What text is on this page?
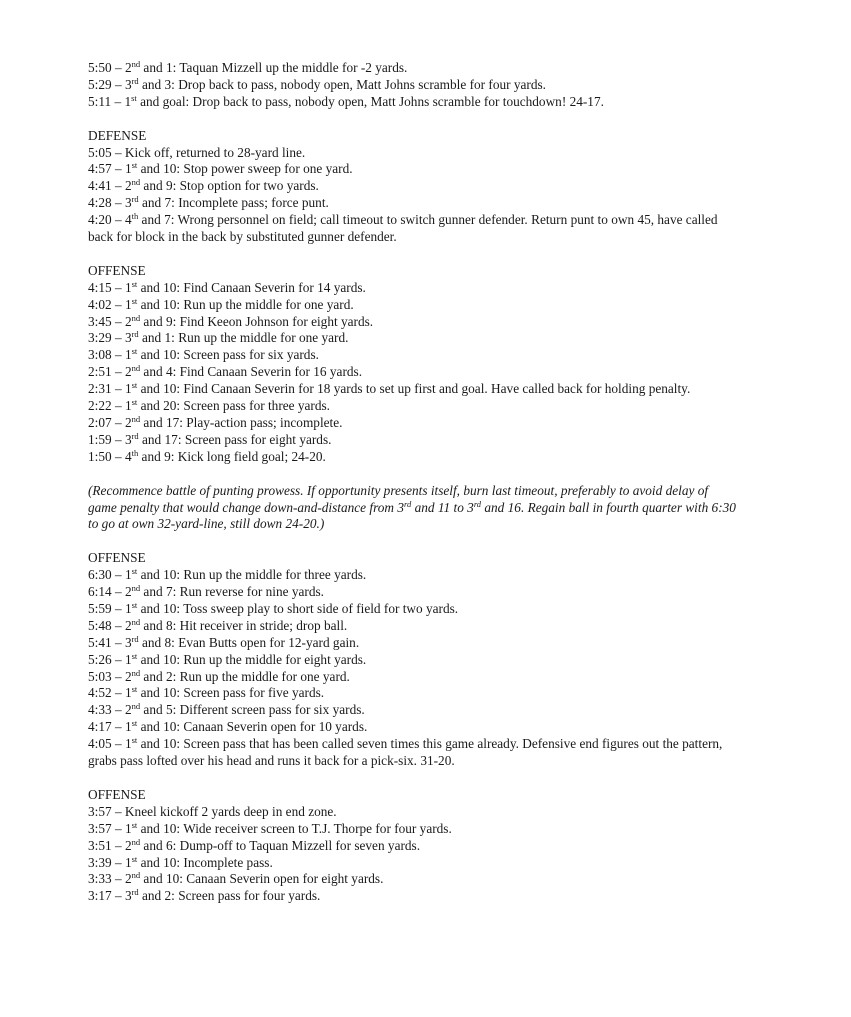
5:50 – 2nd and 1: Taquan Mizzell up the middle for -2 yards.
5:29 – 3rd and 3: Drop back to pass, nobody open, Matt Johns scramble for four yards.
5:11 – 1st and goal: Drop back to pass, nobody open, Matt Johns scramble for touchdown! 24-17.
DEFENSE
5:05 – Kick off, returned to 28-yard line.
4:57 – 1st and 10: Stop power sweep for one yard.
4:41 – 2nd and 9: Stop option for two yards.
4:28 – 3rd and 7: Incomplete pass; force punt.
4:20 – 4th and 7: Wrong personnel on field; call timeout to switch gunner defender. Return punt to own 45, have called back for block in the back by substituted gunner defender.
OFFENSE
4:15 – 1st and 10: Find Canaan Severin for 14 yards.
4:02 – 1st and 10: Run up the middle for one yard.
3:45 – 2nd and 9: Find Keeon Johnson for eight yards.
3:29 – 3rd and 1: Run up the middle for one yard.
3:08 – 1st and 10: Screen pass for six yards.
2:51 – 2nd and 4: Find Canaan Severin for 16 yards.
2:31 – 1st and 10: Find Canaan Severin for 18 yards to set up first and goal. Have called back for holding penalty.
2:22 – 1st and 20: Screen pass for three yards.
2:07 – 2nd and 17: Play-action pass; incomplete.
1:59 – 3rd and 17: Screen pass for eight yards.
1:50 – 4th and 9: Kick long field goal; 24-20.
(Recommence battle of punting prowess. If opportunity presents itself, burn last timeout, preferably to avoid delay of game penalty that would change down-and-distance from 3rd and 11 to 3rd and 16. Regain ball in fourth quarter with 6:30 to go at own 32-yard-line, still down 24-20.)
OFFENSE
6:30 – 1st and 10: Run up the middle for three yards.
6:14 – 2nd and 7: Run reverse for nine yards.
5:59 – 1st and 10: Toss sweep play to short side of field for two yards.
5:48 – 2nd and 8: Hit receiver in stride; drop ball.
5:41 – 3rd and 8: Evan Butts open for 12-yard gain.
5:26 – 1st and 10: Run up the middle for eight yards.
5:03 – 2nd and 2: Run up the middle for one yard.
4:52 – 1st and 10: Screen pass for five yards.
4:33 – 2nd and 5: Different screen pass for six yards.
4:17 – 1st and 10: Canaan Severin open for 10 yards.
4:05 – 1st and 10: Screen pass that has been called seven times this game already. Defensive end figures out the pattern, grabs pass lofted over his head and runs it back for a pick-six. 31-20.
OFFENSE
3:57 – Kneel kickoff 2 yards deep in end zone.
3:57 – 1st and 10: Wide receiver screen to T.J. Thorpe for four yards.
3:51 – 2nd and 6: Dump-off to Taquan Mizzell for seven yards.
3:39 – 1st and 10: Incomplete pass.
3:33 – 2nd and 10: Canaan Severin open for eight yards.
3:17 – 3rd and 2: Screen pass for four yards.
